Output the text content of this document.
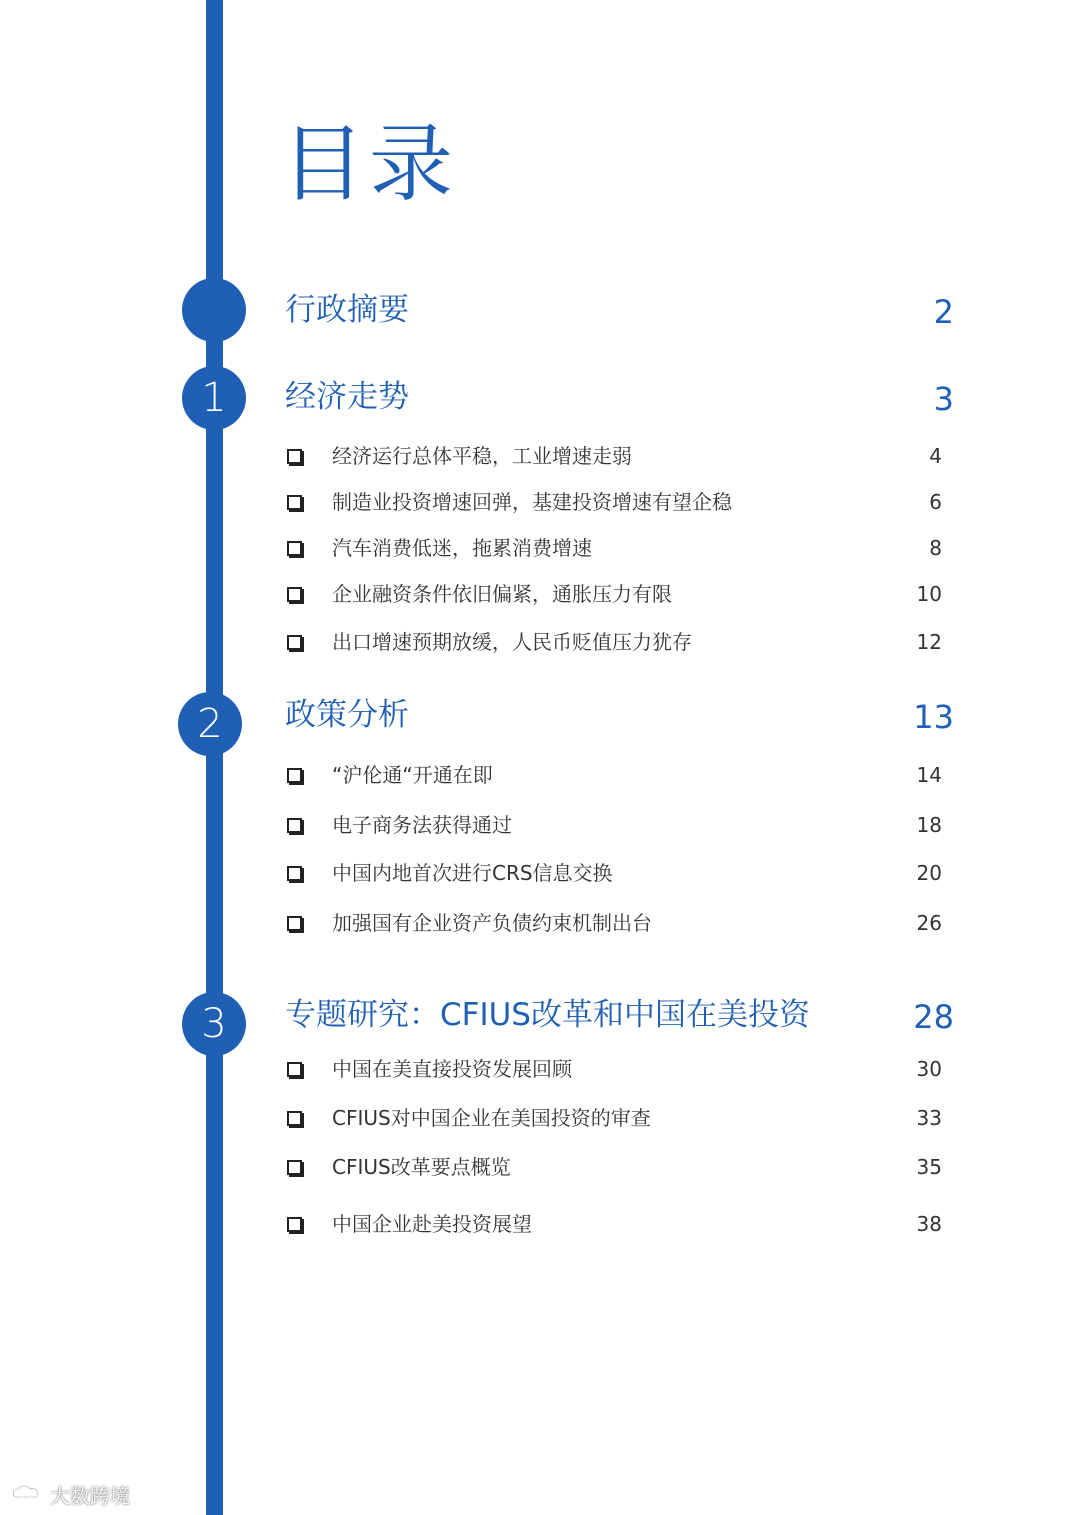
目录
行政摘要	2
1	经济走势	3
经济运行总体平稳，工业增速走弱	4
制造业投资增速回弹，基建投资增速有望企稳	6
汽车消费低迷，拖累消费增速	8
企业融资条件依旧偏紧，通胀压力有限	10
出口增速预期放缓，人民币贬值压力犹存	12
2	政策分析	13
“沪伦通“开通在即	14
电子商务法获得通过	18
中国内地首次进行CRS信息交换	20
加强国有企业资产负债约束机制出台	26
3	专题研究：CFIUS改革和中国在美投资	28
中国在美直接投资发展回顾	30
CFIUS对中国企业在美国投资的审查	33
CFIUS改革要点概览	35
中国企业赴美投资展望	38
大数跨境
